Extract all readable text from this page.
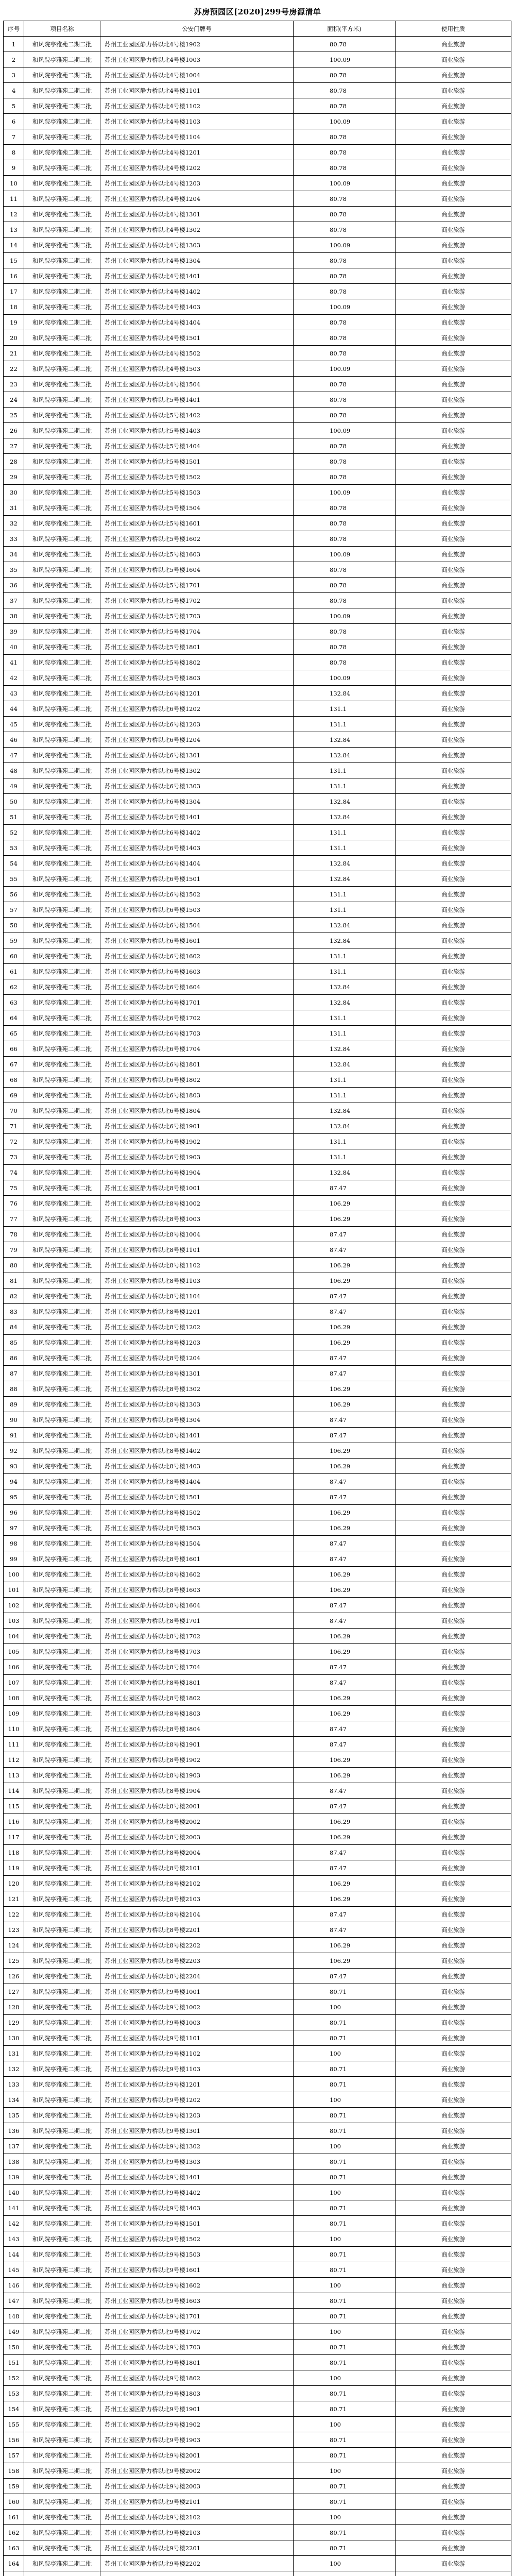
苏房预园区[2020]299号房源清单
序号	项目名称	公安门牌号	面积(平方米)	使用性质
1	和风院亭雅苑二期二批	苏州工业园区静力桥以北4号楼1902	80.78	商业旅游
2	和风院亭雅苑二期二批	苏州工业园区静力桥以北4号楼1003	100.09	商业旅游
3	和风院亭雅苑二期二批	苏州工业园区静力桥以北4号楼1004	80.78	商业旅游
4	和风院亭雅苑二期二批	苏州工业园区静力桥以北4号楼1101	80.78	商业旅游
5	和风院亭雅苑二期二批	苏州工业园区静力桥以北4号楼1102	80.78	商业旅游
6	和风院亭雅苑二期二批	苏州工业园区静力桥以北4号楼1103	100.09	商业旅游
7	和风院亭雅苑二期二批	苏州工业园区静力桥以北4号楼1104	80.78	商业旅游
8	和风院亭雅苑二期二批	苏州工业园区静力桥以北4号楼1201	80.78	商业旅游
9	和风院亭雅苑二期二批	苏州工业园区静力桥以北4号楼1202	80.78	商业旅游
10	和风院亭雅苑二期二批	苏州工业园区静力桥以北4号楼1203	100.09	商业旅游
11	和风院亭雅苑二期二批	苏州工业园区静力桥以北4号楼1204	80.78	商业旅游
12	和风院亭雅苑二期二批	苏州工业园区静力桥以北4号楼1301	80.78	商业旅游
13	和风院亭雅苑二期二批	苏州工业园区静力桥以北4号楼1302	80.78	商业旅游
14	和风院亭雅苑二期二批	苏州工业园区静力桥以北4号楼1303	100.09	商业旅游
15	和风院亭雅苑二期二批	苏州工业园区静力桥以北4号楼1304	80.78	商业旅游
16	和风院亭雅苑二期二批	苏州工业园区静力桥以北4号楼1401	80.78	商业旅游
17	和风院亭雅苑二期二批	苏州工业园区静力桥以北4号楼1402	80.78	商业旅游
18	和风院亭雅苑二期二批	苏州工业园区静力桥以北4号楼1403	100.09	商业旅游
19	和风院亭雅苑二期二批	苏州工业园区静力桥以北4号楼1404	80.78	商业旅游
20	和风院亭雅苑二期二批	苏州工业园区静力桥以北4号楼1501	80.78	商业旅游
21	和风院亭雅苑二期二批	苏州工业园区静力桥以北4号楼1502	80.78	商业旅游
22	和风院亭雅苑二期二批	苏州工业园区静力桥以北4号楼1503	100.09	商业旅游
23	和风院亭雅苑二期二批	苏州工业园区静力桥以北4号楼1504	80.78	商业旅游
24	和风院亭雅苑二期二批	苏州工业园区静力桥以北5号楼1401	80.78	商业旅游
25	和风院亭雅苑二期二批	苏州工业园区静力桥以北5号楼1402	80.78	商业旅游
26	和风院亭雅苑二期二批	苏州工业园区静力桥以北5号楼1403	100.09	商业旅游
27	和风院亭雅苑二期二批	苏州工业园区静力桥以北5号楼1404	80.78	商业旅游
28	和风院亭雅苑二期二批	苏州工业园区静力桥以北5号楼1501	80.78	商业旅游
29	和风院亭雅苑二期二批	苏州工业园区静力桥以北5号楼1502	80.78	商业旅游
30	和风院亭雅苑二期二批	苏州工业园区静力桥以北5号楼1503	100.09	商业旅游
31	和风院亭雅苑二期二批	苏州工业园区静力桥以北5号楼1504	80.78	商业旅游
32	和风院亭雅苑二期二批	苏州工业园区静力桥以北5号楼1601	80.78	商业旅游
33	和风院亭雅苑二期二批	苏州工业园区静力桥以北5号楼1602	80.78	商业旅游
34	和风院亭雅苑二期二批	苏州工业园区静力桥以北5号楼1603	100.09	商业旅游
35	和风院亭雅苑二期二批	苏州工业园区静力桥以北5号楼1604	80.78	商业旅游
36	和风院亭雅苑二期二批	苏州工业园区静力桥以北5号楼1701	80.78	商业旅游
37	和风院亭雅苑二期二批	苏州工业园区静力桥以北5号楼1702	80.78	商业旅游
38	和风院亭雅苑二期二批	苏州工业园区静力桥以北5号楼1703	100.09	商业旅游
39	和风院亭雅苑二期二批	苏州工业园区静力桥以北5号楼1704	80.78	商业旅游
40	和风院亭雅苑二期二批	苏州工业园区静力桥以北5号楼1801	80.78	商业旅游
41	和风院亭雅苑二期二批	苏州工业园区静力桥以北5号楼1802	80.78	商业旅游
42	和风院亭雅苑二期二批	苏州工业园区静力桥以北5号楼1803	100.09	商业旅游
43	和风院亭雅苑二期二批	苏州工业园区静力桥以北6号楼1201	132.84	商业旅游
44	和风院亭雅苑二期二批	苏州工业园区静力桥以北6号楼1202	131.1	商业旅游
45	和风院亭雅苑二期二批	苏州工业园区静力桥以北6号楼1203	131.1	商业旅游
46	和风院亭雅苑二期二批	苏州工业园区静力桥以北6号楼1204	132.84	商业旅游
47	和风院亭雅苑二期二批	苏州工业园区静力桥以北6号楼1301	132.84	商业旅游
48	和风院亭雅苑二期二批	苏州工业园区静力桥以北6号楼1302	131.1	商业旅游
49	和风院亭雅苑二期二批	苏州工业园区静力桥以北6号楼1303	131.1	商业旅游
50	和风院亭雅苑二期二批	苏州工业园区静力桥以北6号楼1304	132.84	商业旅游
51	和风院亭雅苑二期二批	苏州工业园区静力桥以北6号楼1401	132.84	商业旅游
52	和风院亭雅苑二期二批	苏州工业园区静力桥以北6号楼1402	131.1	商业旅游
53	和风院亭雅苑二期二批	苏州工业园区静力桥以北6号楼1403	131.1	商业旅游
54	和风院亭雅苑二期二批	苏州工业园区静力桥以北6号楼1404	132.84	商业旅游
55	和风院亭雅苑二期二批	苏州工业园区静力桥以北6号楼1501	132.84	商业旅游
56	和风院亭雅苑二期二批	苏州工业园区静力桥以北6号楼1502	131.1	商业旅游
57	和风院亭雅苑二期二批	苏州工业园区静力桥以北6号楼1503	131.1	商业旅游
58	和风院亭雅苑二期二批	苏州工业园区静力桥以北6号楼1504	132.84	商业旅游
59	和风院亭雅苑二期二批	苏州工业园区静力桥以北6号楼1601	132.84	商业旅游
60	和风院亭雅苑二期二批	苏州工业园区静力桥以北6号楼1602	131.1	商业旅游
61	和风院亭雅苑二期二批	苏州工业园区静力桥以北6号楼1603	131.1	商业旅游
62	和风院亭雅苑二期二批	苏州工业园区静力桥以北6号楼1604	132.84	商业旅游
63	和风院亭雅苑二期二批	苏州工业园区静力桥以北6号楼1701	132.84	商业旅游
64	和风院亭雅苑二期二批	苏州工业园区静力桥以北6号楼1702	131.1	商业旅游
65	和风院亭雅苑二期二批	苏州工业园区静力桥以北6号楼1703	131.1	商业旅游
66	和风院亭雅苑二期二批	苏州工业园区静力桥以北6号楼1704	132.84	商业旅游
67	和风院亭雅苑二期二批	苏州工业园区静力桥以北6号楼1801	132.84	商业旅游
68	和风院亭雅苑二期二批	苏州工业园区静力桥以北6号楼1802	131.1	商业旅游
69	和风院亭雅苑二期二批	苏州工业园区静力桥以北6号楼1803	131.1	商业旅游
70	和风院亭雅苑二期二批	苏州工业园区静力桥以北6号楼1804	132.84	商业旅游
71	和风院亭雅苑二期二批	苏州工业园区静力桥以北6号楼1901	132.84	商业旅游
72	和风院亭雅苑二期二批	苏州工业园区静力桥以北6号楼1902	131.1	商业旅游
73	和风院亭雅苑二期二批	苏州工业园区静力桥以北6号楼1903	131.1	商业旅游
74	和风院亭雅苑二期二批	苏州工业园区静力桥以北6号楼1904	132.84	商业旅游
75	和风院亭雅苑二期二批	苏州工业园区静力桥以北8号楼1001	87.47	商业旅游
76	和风院亭雅苑二期二批	苏州工业园区静力桥以北8号楼1002	106.29	商业旅游
77	和风院亭雅苑二期二批	苏州工业园区静力桥以北8号楼1003	106.29	商业旅游
78	和风院亭雅苑二期二批	苏州工业园区静力桥以北8号楼1004	87.47	商业旅游
79	和风院亭雅苑二期二批	苏州工业园区静力桥以北8号楼1101	87.47	商业旅游
80	和风院亭雅苑二期二批	苏州工业园区静力桥以北8号楼1102	106.29	商业旅游
81	和风院亭雅苑二期二批	苏州工业园区静力桥以北8号楼1103	106.29	商业旅游
82	和风院亭雅苑二期二批	苏州工业园区静力桥以北8号楼1104	87.47	商业旅游
83	和风院亭雅苑二期二批	苏州工业园区静力桥以北8号楼1201	87.47	商业旅游
84	和风院亭雅苑二期二批	苏州工业园区静力桥以北8号楼1202	106.29	商业旅游
85	和风院亭雅苑二期二批	苏州工业园区静力桥以北8号楼1203	106.29	商业旅游
86	和风院亭雅苑二期二批	苏州工业园区静力桥以北8号楼1204	87.47	商业旅游
87	和风院亭雅苑二期二批	苏州工业园区静力桥以北8号楼1301	87.47	商业旅游
88	和风院亭雅苑二期二批	苏州工业园区静力桥以北8号楼1302	106.29	商业旅游
89	和风院亭雅苑二期二批	苏州工业园区静力桥以北8号楼1303	106.29	商业旅游
90	和风院亭雅苑二期二批	苏州工业园区静力桥以北8号楼1304	87.47	商业旅游
91	和风院亭雅苑二期二批	苏州工业园区静力桥以北8号楼1401	87.47	商业旅游
92	和风院亭雅苑二期二批	苏州工业园区静力桥以北8号楼1402	106.29	商业旅游
93	和风院亭雅苑二期二批	苏州工业园区静力桥以北8号楼1403	106.29	商业旅游
94	和风院亭雅苑二期二批	苏州工业园区静力桥以北8号楼1404	87.47	商业旅游
95	和风院亭雅苑二期二批	苏州工业园区静力桥以北8号楼1501	87.47	商业旅游
96	和风院亭雅苑二期二批	苏州工业园区静力桥以北8号楼1502	106.29	商业旅游
97	和风院亭雅苑二期二批	苏州工业园区静力桥以北8号楼1503	106.29	商业旅游
98	和风院亭雅苑二期二批	苏州工业园区静力桥以北8号楼1504	87.47	商业旅游
99	和风院亭雅苑二期二批	苏州工业园区静力桥以北8号楼1601	87.47	商业旅游
100	和风院亭雅苑二期二批	苏州工业园区静力桥以北8号楼1602	106.29	商业旅游
101	和风院亭雅苑二期二批	苏州工业园区静力桥以北8号楼1603	106.29	商业旅游
102	和风院亭雅苑二期二批	苏州工业园区静力桥以北8号楼1604	87.47	商业旅游
103	和风院亭雅苑二期二批	苏州工业园区静力桥以北8号楼1701	87.47	商业旅游
104	和风院亭雅苑二期二批	苏州工业园区静力桥以北8号楼1702	106.29	商业旅游
105	和风院亭雅苑二期二批	苏州工业园区静力桥以北8号楼1703	106.29	商业旅游
106	和风院亭雅苑二期二批	苏州工业园区静力桥以北8号楼1704	87.47	商业旅游
107	和风院亭雅苑二期二批	苏州工业园区静力桥以北8号楼1801	87.47	商业旅游
108	和风院亭雅苑二期二批	苏州工业园区静力桥以北8号楼1802	106.29	商业旅游
109	和风院亭雅苑二期二批	苏州工业园区静力桥以北8号楼1803	106.29	商业旅游
110	和风院亭雅苑二期二批	苏州工业园区静力桥以北8号楼1804	87.47	商业旅游
111	和风院亭雅苑二期二批	苏州工业园区静力桥以北8号楼1901	87.47	商业旅游
112	和风院亭雅苑二期二批	苏州工业园区静力桥以北8号楼1902	106.29	商业旅游
113	和风院亭雅苑二期二批	苏州工业园区静力桥以北8号楼1903	106.29	商业旅游
114	和风院亭雅苑二期二批	苏州工业园区静力桥以北8号楼1904	87.47	商业旅游
115	和风院亭雅苑二期二批	苏州工业园区静力桥以北8号楼2001	87.47	商业旅游
116	和风院亭雅苑二期二批	苏州工业园区静力桥以北8号楼2002	106.29	商业旅游
117	和风院亭雅苑二期二批	苏州工业园区静力桥以北8号楼2003	106.29	商业旅游
118	和风院亭雅苑二期二批	苏州工业园区静力桥以北8号楼2004	87.47	商业旅游
119	和风院亭雅苑二期二批	苏州工业园区静力桥以北8号楼2101	87.47	商业旅游
120	和风院亭雅苑二期二批	苏州工业园区静力桥以北8号楼2102	106.29	商业旅游
121	和风院亭雅苑二期二批	苏州工业园区静力桥以北8号楼2103	106.29	商业旅游
122	和风院亭雅苑二期二批	苏州工业园区静力桥以北8号楼2104	87.47	商业旅游
123	和风院亭雅苑二期二批	苏州工业园区静力桥以北8号楼2201	87.47	商业旅游
124	和风院亭雅苑二期二批	苏州工业园区静力桥以北8号楼2202	106.29	商业旅游
125	和风院亭雅苑二期二批	苏州工业园区静力桥以北8号楼2203	106.29	商业旅游
126	和风院亭雅苑二期二批	苏州工业园区静力桥以北8号楼2204	87.47	商业旅游
127	和风院亭雅苑二期二批	苏州工业园区静力桥以北9号楼1001	80.71	商业旅游
128	和风院亭雅苑二期二批	苏州工业园区静力桥以北9号楼1002	100	商业旅游
129	和风院亭雅苑二期二批	苏州工业园区静力桥以北9号楼1003	80.71	商业旅游
130	和风院亭雅苑二期二批	苏州工业园区静力桥以北9号楼1101	80.71	商业旅游
131	和风院亭雅苑二期二批	苏州工业园区静力桥以北9号楼1102	100	商业旅游
132	和风院亭雅苑二期二批	苏州工业园区静力桥以北9号楼1103	80.71	商业旅游
133	和风院亭雅苑二期二批	苏州工业园区静力桥以北9号楼1201	80.71	商业旅游
134	和风院亭雅苑二期二批	苏州工业园区静力桥以北9号楼1202	100	商业旅游
135	和风院亭雅苑二期二批	苏州工业园区静力桥以北9号楼1203	80.71	商业旅游
136	和风院亭雅苑二期二批	苏州工业园区静力桥以北9号楼1301	80.71	商业旅游
137	和风院亭雅苑二期二批	苏州工业园区静力桥以北9号楼1302	100	商业旅游
138	和风院亭雅苑二期二批	苏州工业园区静力桥以北9号楼1303	80.71	商业旅游
139	和风院亭雅苑二期二批	苏州工业园区静力桥以北9号楼1401	80.71	商业旅游
140	和风院亭雅苑二期二批	苏州工业园区静力桥以北9号楼1402	100	商业旅游
141	和风院亭雅苑二期二批	苏州工业园区静力桥以北9号楼1403	80.71	商业旅游
142	和风院亭雅苑二期二批	苏州工业园区静力桥以北9号楼1501	80.71	商业旅游
143	和风院亭雅苑二期二批	苏州工业园区静力桥以北9号楼1502	100	商业旅游
144	和风院亭雅苑二期二批	苏州工业园区静力桥以北9号楼1503	80.71	商业旅游
145	和风院亭雅苑二期二批	苏州工业园区静力桥以北9号楼1601	80.71	商业旅游
146	和风院亭雅苑二期二批	苏州工业园区静力桥以北9号楼1602	100	商业旅游
147	和风院亭雅苑二期二批	苏州工业园区静力桥以北9号楼1603	80.71	商业旅游
148	和风院亭雅苑二期二批	苏州工业园区静力桥以北9号楼1701	80.71	商业旅游
149	和风院亭雅苑二期二批	苏州工业园区静力桥以北9号楼1702	100	商业旅游
150	和风院亭雅苑二期二批	苏州工业园区静力桥以北9号楼1703	80.71	商业旅游
151	和风院亭雅苑二期二批	苏州工业园区静力桥以北9号楼1801	80.71	商业旅游
152	和风院亭雅苑二期二批	苏州工业园区静力桥以北9号楼1802	100	商业旅游
153	和风院亭雅苑二期二批	苏州工业园区静力桥以北9号楼1803	80.71	商业旅游
154	和风院亭雅苑二期二批	苏州工业园区静力桥以北9号楼1901	80.71	商业旅游
155	和风院亭雅苑二期二批	苏州工业园区静力桥以北9号楼1902	100	商业旅游
156	和风院亭雅苑二期二批	苏州工业园区静力桥以北9号楼1903	80.71	商业旅游
157	和风院亭雅苑二期二批	苏州工业园区静力桥以北9号楼2001	80.71	商业旅游
158	和风院亭雅苑二期二批	苏州工业园区静力桥以北9号楼2002	100	商业旅游
159	和风院亭雅苑二期二批	苏州工业园区静力桥以北9号楼2003	80.71	商业旅游
160	和风院亭雅苑二期二批	苏州工业园区静力桥以北9号楼2101	80.71	商业旅游
161	和风院亭雅苑二期二批	苏州工业园区静力桥以北9号楼2102	100	商业旅游
162	和风院亭雅苑二期二批	苏州工业园区静力桥以北9号楼2103	80.71	商业旅游
163	和风院亭雅苑二期二批	苏州工业园区静力桥以北9号楼2201	80.71	商业旅游
164	和风院亭雅苑二期二批	苏州工业园区静力桥以北9号楼2202	100	商业旅游
